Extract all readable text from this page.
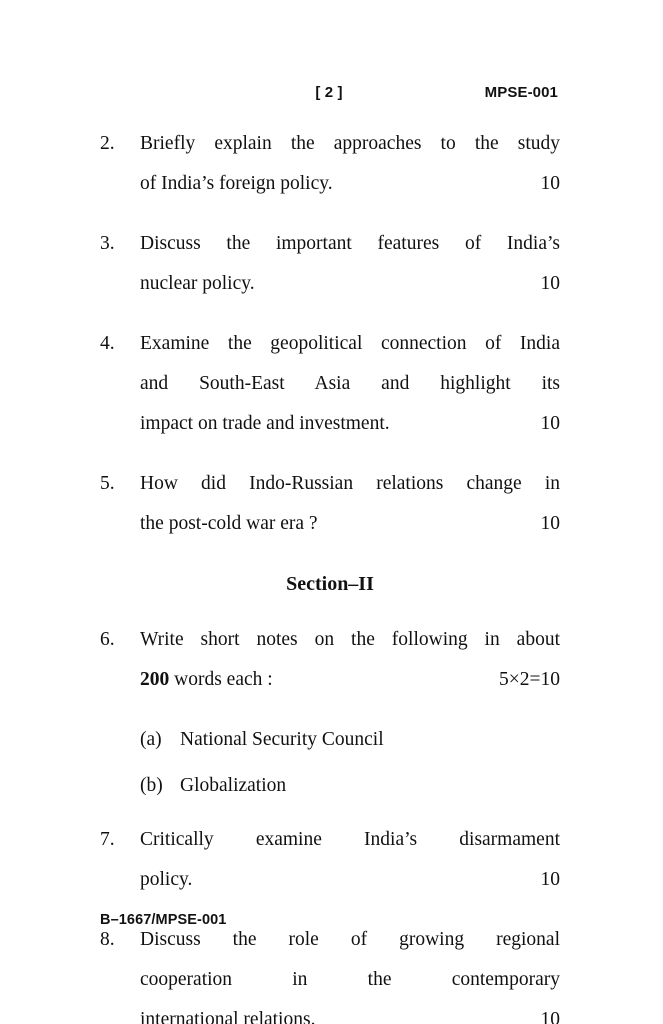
[ 2 ]	MPSE-001
2.	Briefly explain the approaches to the study
of India’s foreign policy.	10
3.	Discuss the important features of India’s
nuclear policy.	10
4.	Examine the geopolitical connection of India
and South-East Asia and highlight its
impact on trade and investment.	10
5.	How did Indo-Russian relations change in
the post-cold war era ?	10
Section–II
6.	Write short notes on the following in about
200 words each :	5×2=10
(a) National Security Council
(b) Globalization
7.	Critically examine India’s disarmament
policy.	10
8.	Discuss the role of growing regional
cooperation in the contemporary
international relations.	10
B–1667/MPSE-001
